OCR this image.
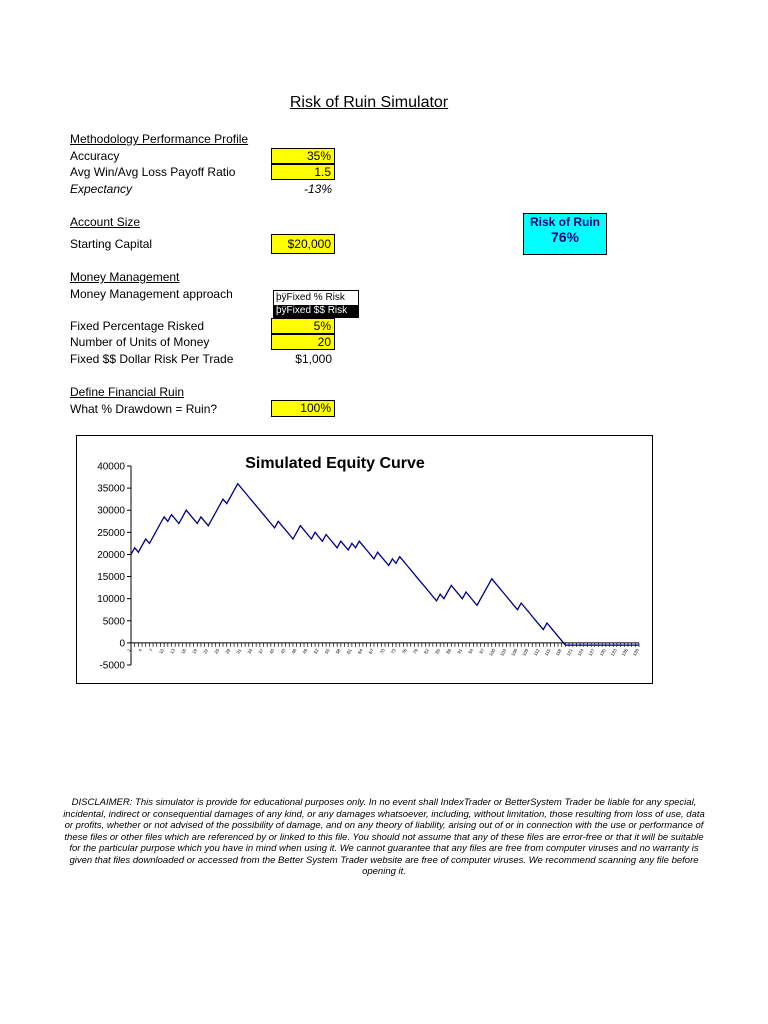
Risk of Ruin Simulator
Methodology Performance Profile
Accuracy	35%
Avg Win/Avg Loss Payoff Ratio	1.5
Expectancy	-13%
Account Size
Starting Capital	$20,000
Risk of Ruin
76%
Money Management
Money Management approach	þÿFixed % Risk
þÿFixed $$ Risk
Fixed Percentage Risked	5%
Number of Units of Money	20
Fixed $$ Dollar Risk Per Trade	$1,000
Define Financial Ruin
What % Drawdown = Ruin?	100%
Simulated Equity Curve
40000
35000
30000
25000
20000
15000
10000
5000
0
-5000
1 4 7 10 13 16 19 22 25 28 31 34 37 40 43 46 49 52 55 58 61 64 67 70 73 76 79 82 85 88 91 94 97 100 103 106 109 112 115 118 121 124 127 130 133 136 139
DISCLAIMER: This simulator is provide for educational purposes only. In no event shall IndexTrader or BetterSystem Trader be liable for any special, incidental, indirect or consequential damages of any kind, or any damages whatsoever, including, without limitation, those resulting from loss of use, data or profits, whether or not advised of the possibility of damage, and on any theory of liability, arising out of or in connection with the use or performance of these files or other files which are referenced by or linked to this file. You should not assume that any of these files are error-free or that it will be suitable for the particular purpose which you have in mind when using it. We cannot guarantee that any files are free from computer viruses and no warranty is given that files downloaded or accessed from the Better System Trader website are free of computer viruses. We recommend scanning any file before opening it.
